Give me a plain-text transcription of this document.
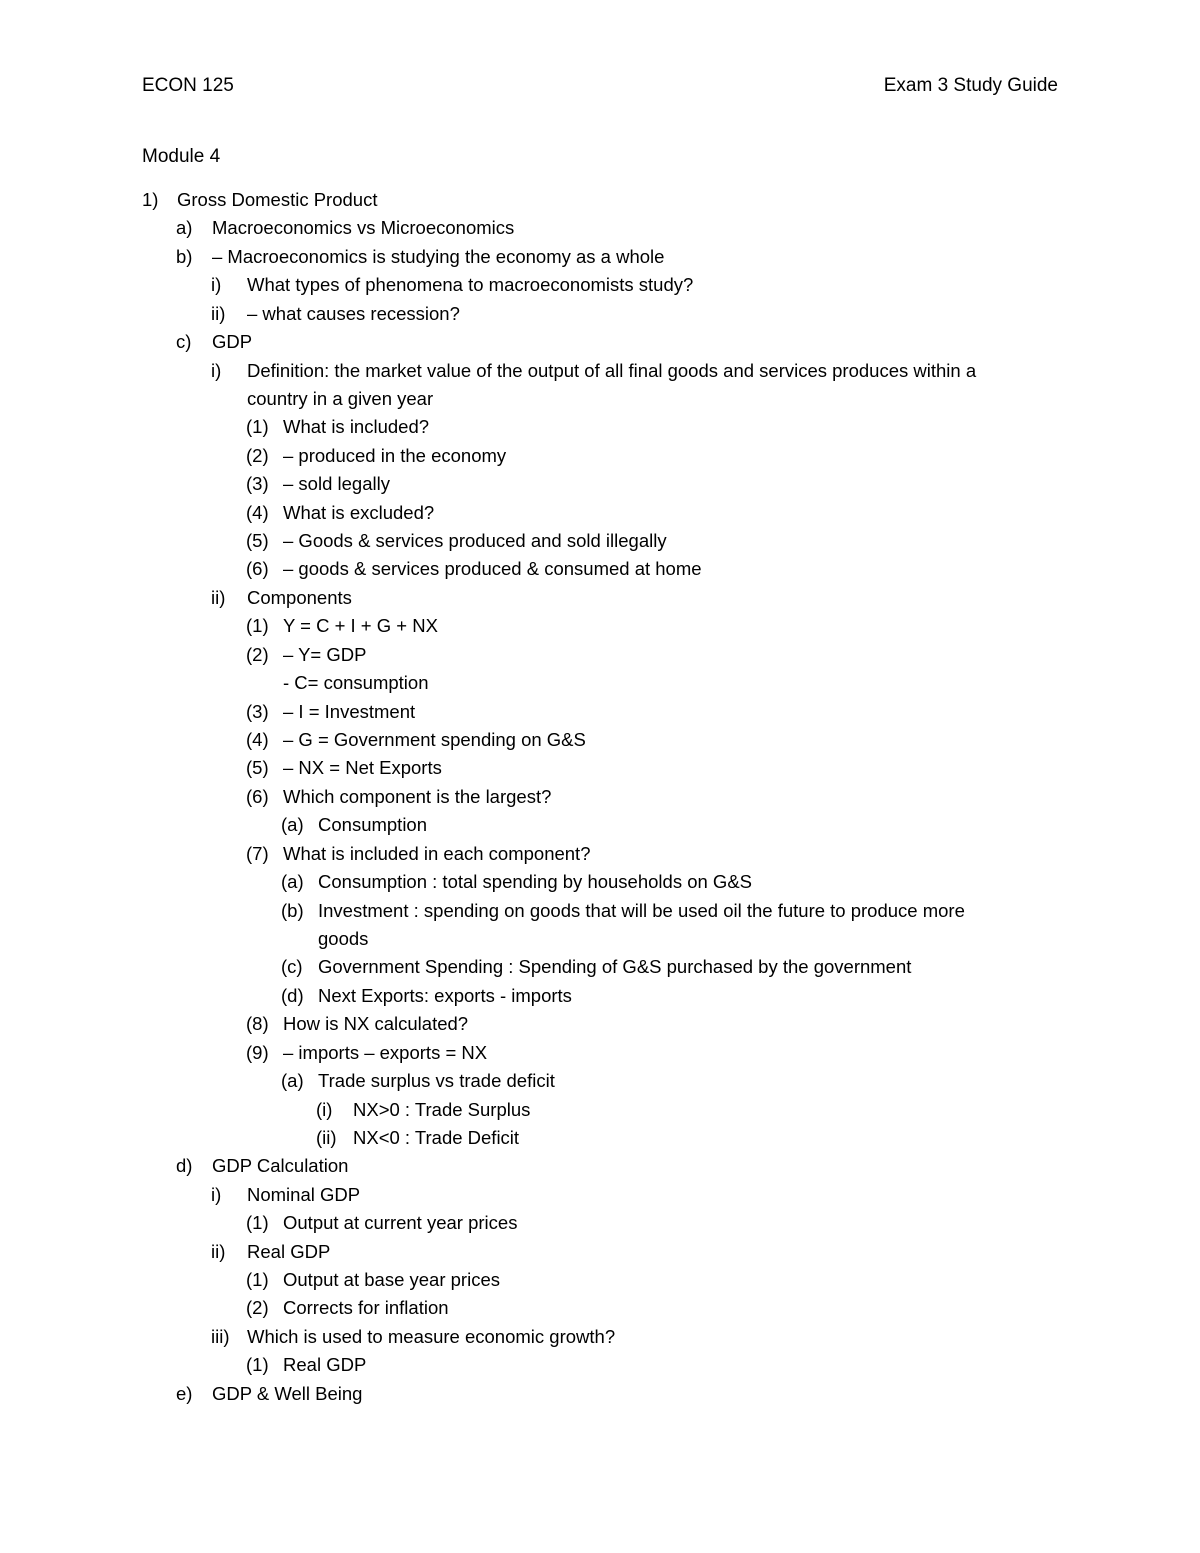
ECON 125	Exam 3 Study Guide
Module 4
1) Gross Domestic Product
a) Macroeconomics vs Microeconomics
b) – Macroeconomics is studying the economy as a whole
i) What types of phenomena to macroeconomists study?
ii) – what causes recession?
c) GDP
i) Definition: the market value of the output of all final goods and services produces within a
country in a given year
(1) What is included?
(2) – produced in the economy
(3) – sold legally
(4) What is excluded?
(5) – Goods & services produced and sold illegally
(6) – goods & services produced & consumed at home
ii) Components
(1) Y = C + I + G + NX
(2) – Y= GDP
- C= consumption
(3) – I = Investment
(4) – G = Government spending on G&S
(5) – NX = Net Exports
(6) Which component is the largest?
(a) Consumption
(7) What is included in each component?
(a) Consumption : total spending by households on G&S
(b) Investment : spending on goods that will be used oil the future to produce more
goods
(c) Government Spending : Spending of G&S purchased by the government
(d) Next Exports: exports - imports
(8) How is NX calculated?
(9) – imports – exports = NX
(a) Trade surplus vs trade deficit
(i) NX>0 : Trade Surplus
(ii) NX<0 : Trade Deficit
d) GDP Calculation
i) Nominal GDP
(1) Output at current year prices
ii) Real GDP
(1) Output at base year prices
(2) Corrects for inflation
iii) Which is used to measure economic growth?
(1) Real GDP
e) GDP & Well Being
